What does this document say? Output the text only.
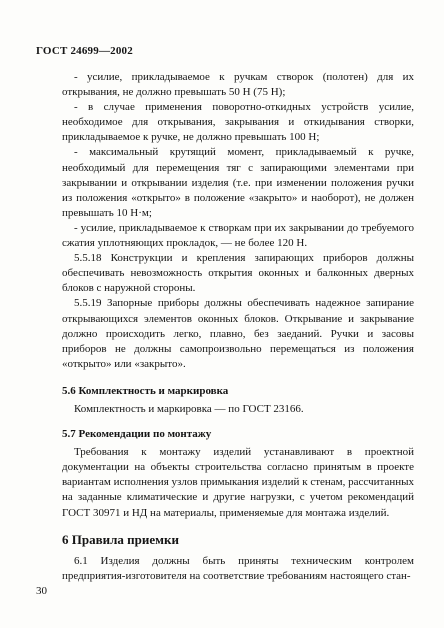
ГОСТ 24699—2002

- усилие, прикладываемое к ручкам створок (полотен) для их открывания, не должно превышать 50 Н (75 Н);

- в случае применения поворотно-откидных устройств усилие, необходимое для открывания, закрывания и откидывания створки, прикладываемое к ручке, не должно превышать 100 Н;

- максимальный крутящий момент, прикладываемый к ручке, необходимый для перемещения тяг с запирающими элементами при закрывании и открывании изделия (т.е. при изменении положения ручки из положения «открыто» в положение «закрыто» и наоборот), не должен превышать 10 Н·м;

- усилие, прикладываемое к створкам при их закрывании до требуемого сжатия уплотняющих прокладок, — не более 120 Н.

5.5.18 Конструкции и крепления запирающих приборов должны обеспечивать невозможность открытия оконных и балконных дверных блоков с наружной стороны.

5.5.19 Запорные приборы должны обеспечивать надежное запирание открывающихся элементов оконных блоков. Открывание и закрывание должно происходить легко, плавно, без заеданий. Ручки и засовы приборов не должны самопроизвольно перемещаться из положения «открыто» или «закрыто».

5.6 Комплектность и маркировка

Комплектность и маркировка — по ГОСТ 23166.

5.7 Рекомендации по монтажу

Требования к монтажу изделий устанавливают в проектной документации на объекты строительства согласно принятым в проекте вариантам исполнения узлов примыкания изделий к стенам, рассчитанных на заданные климатические и другие нагрузки, с учетом рекомендаций ГОСТ 30971 и НД на материалы, применяемые для монтажа изделий.

6 Правила приемки

6.1 Изделия должны быть приняты техническим контролем предприятия-изготовителя на соответствие требованиям настоящего стан-

30
